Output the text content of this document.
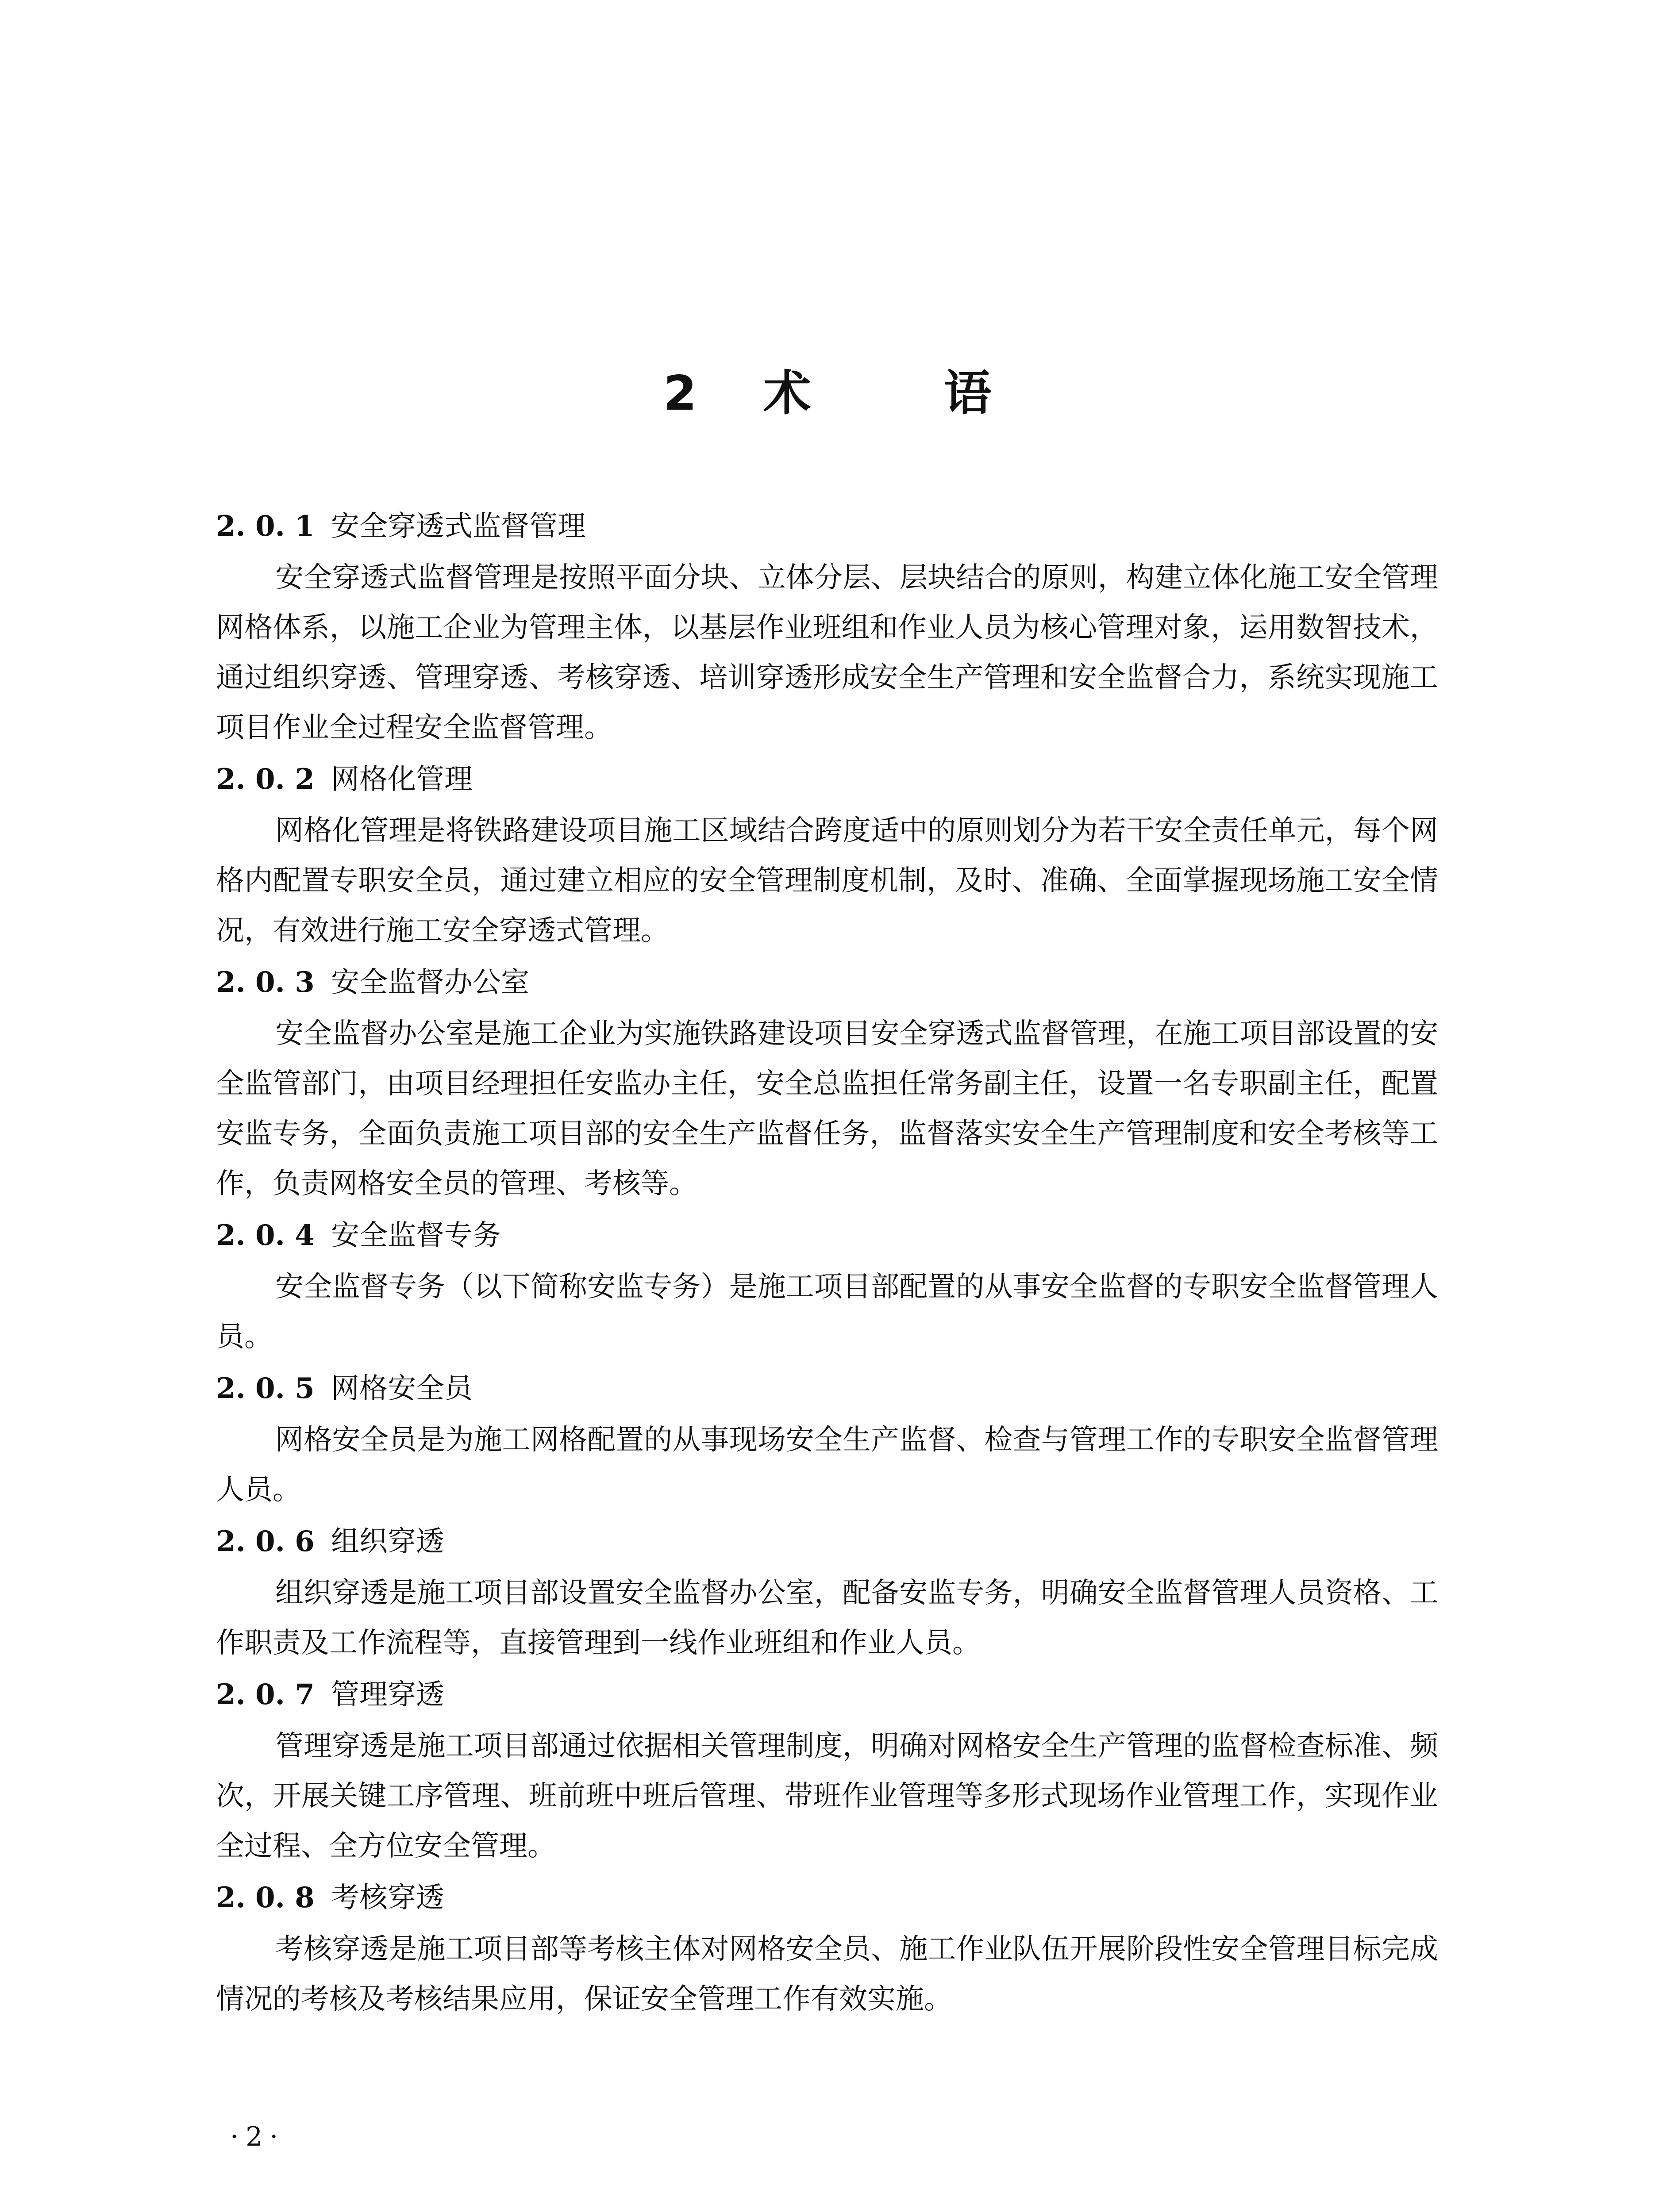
2 术	语
2. 0. 1 安全穿透式监督管理

安全穿透式监督管理是按照平面分块、立体分层、层块结合的原则，构建立体化施工安全管理网格体系，以施工企业为管理主体，以基层作业班组和作业人员为核心管理对象，运用数智技术，通过组织穿透、管理穿透、考核穿透、培训穿透形成安全生产管理和安全监督合力，系统实现施工项目作业全过程安全监督管理。

2. 0. 2 网格化管理

网格化管理是将铁路建设项目施工区域结合跨度适中的原则划分为若干安全责任单元，每个网格内配置专职安全员，通过建立相应的安全管理制度机制，及时、准确、全面掌握现场施工安全情况，有效进行施工安全穿透式管理。

2. 0. 3 安全监督办公室

安全监督办公室是施工企业为实施铁路建设项目安全穿透式监督管理，在施工项目部设置的安全监管部门，由项目经理担任安监办主任，安全总监担任常务副主任，设置一名专职副主任，配置安监专务，全面负责施工项目部的安全生产监督任务，监督落实安全生产管理制度和安全考核等工作，负责网格安全员的管理、考核等。

2. 0. 4 安全监督专务

安全监督专务（以下简称安监专务）是施工项目部配置的从事安全监督的专职安全监督管理人员。

2. 0. 5 网格安全员

网格安全员是为施工网格配置的从事现场安全生产监督、检查与管理工作的专职安全监督管理人员。

2. 0. 6 组织穿透

组织穿透是施工项目部设置安全监督办公室，配备安监专务，明确安全监督管理人员资格、工作职责及工作流程等，直接管理到一线作业班组和作业人员。

2. 0. 7 管理穿透

管理穿透是施工项目部通过依据相关管理制度，明确对网格安全生产管理的监督检查标准、频次，开展关键工序管理、班前班中班后管理、带班作业管理等多形式现场作业管理工作，实现作业全过程、全方位安全管理。

2. 0. 8 考核穿透

考核穿透是施工项目部等考核主体对网格安全员、施工作业队伍开展阶段性安全管理目标完成情况的考核及考核结果应用，保证安全管理工作有效实施。

·2·
